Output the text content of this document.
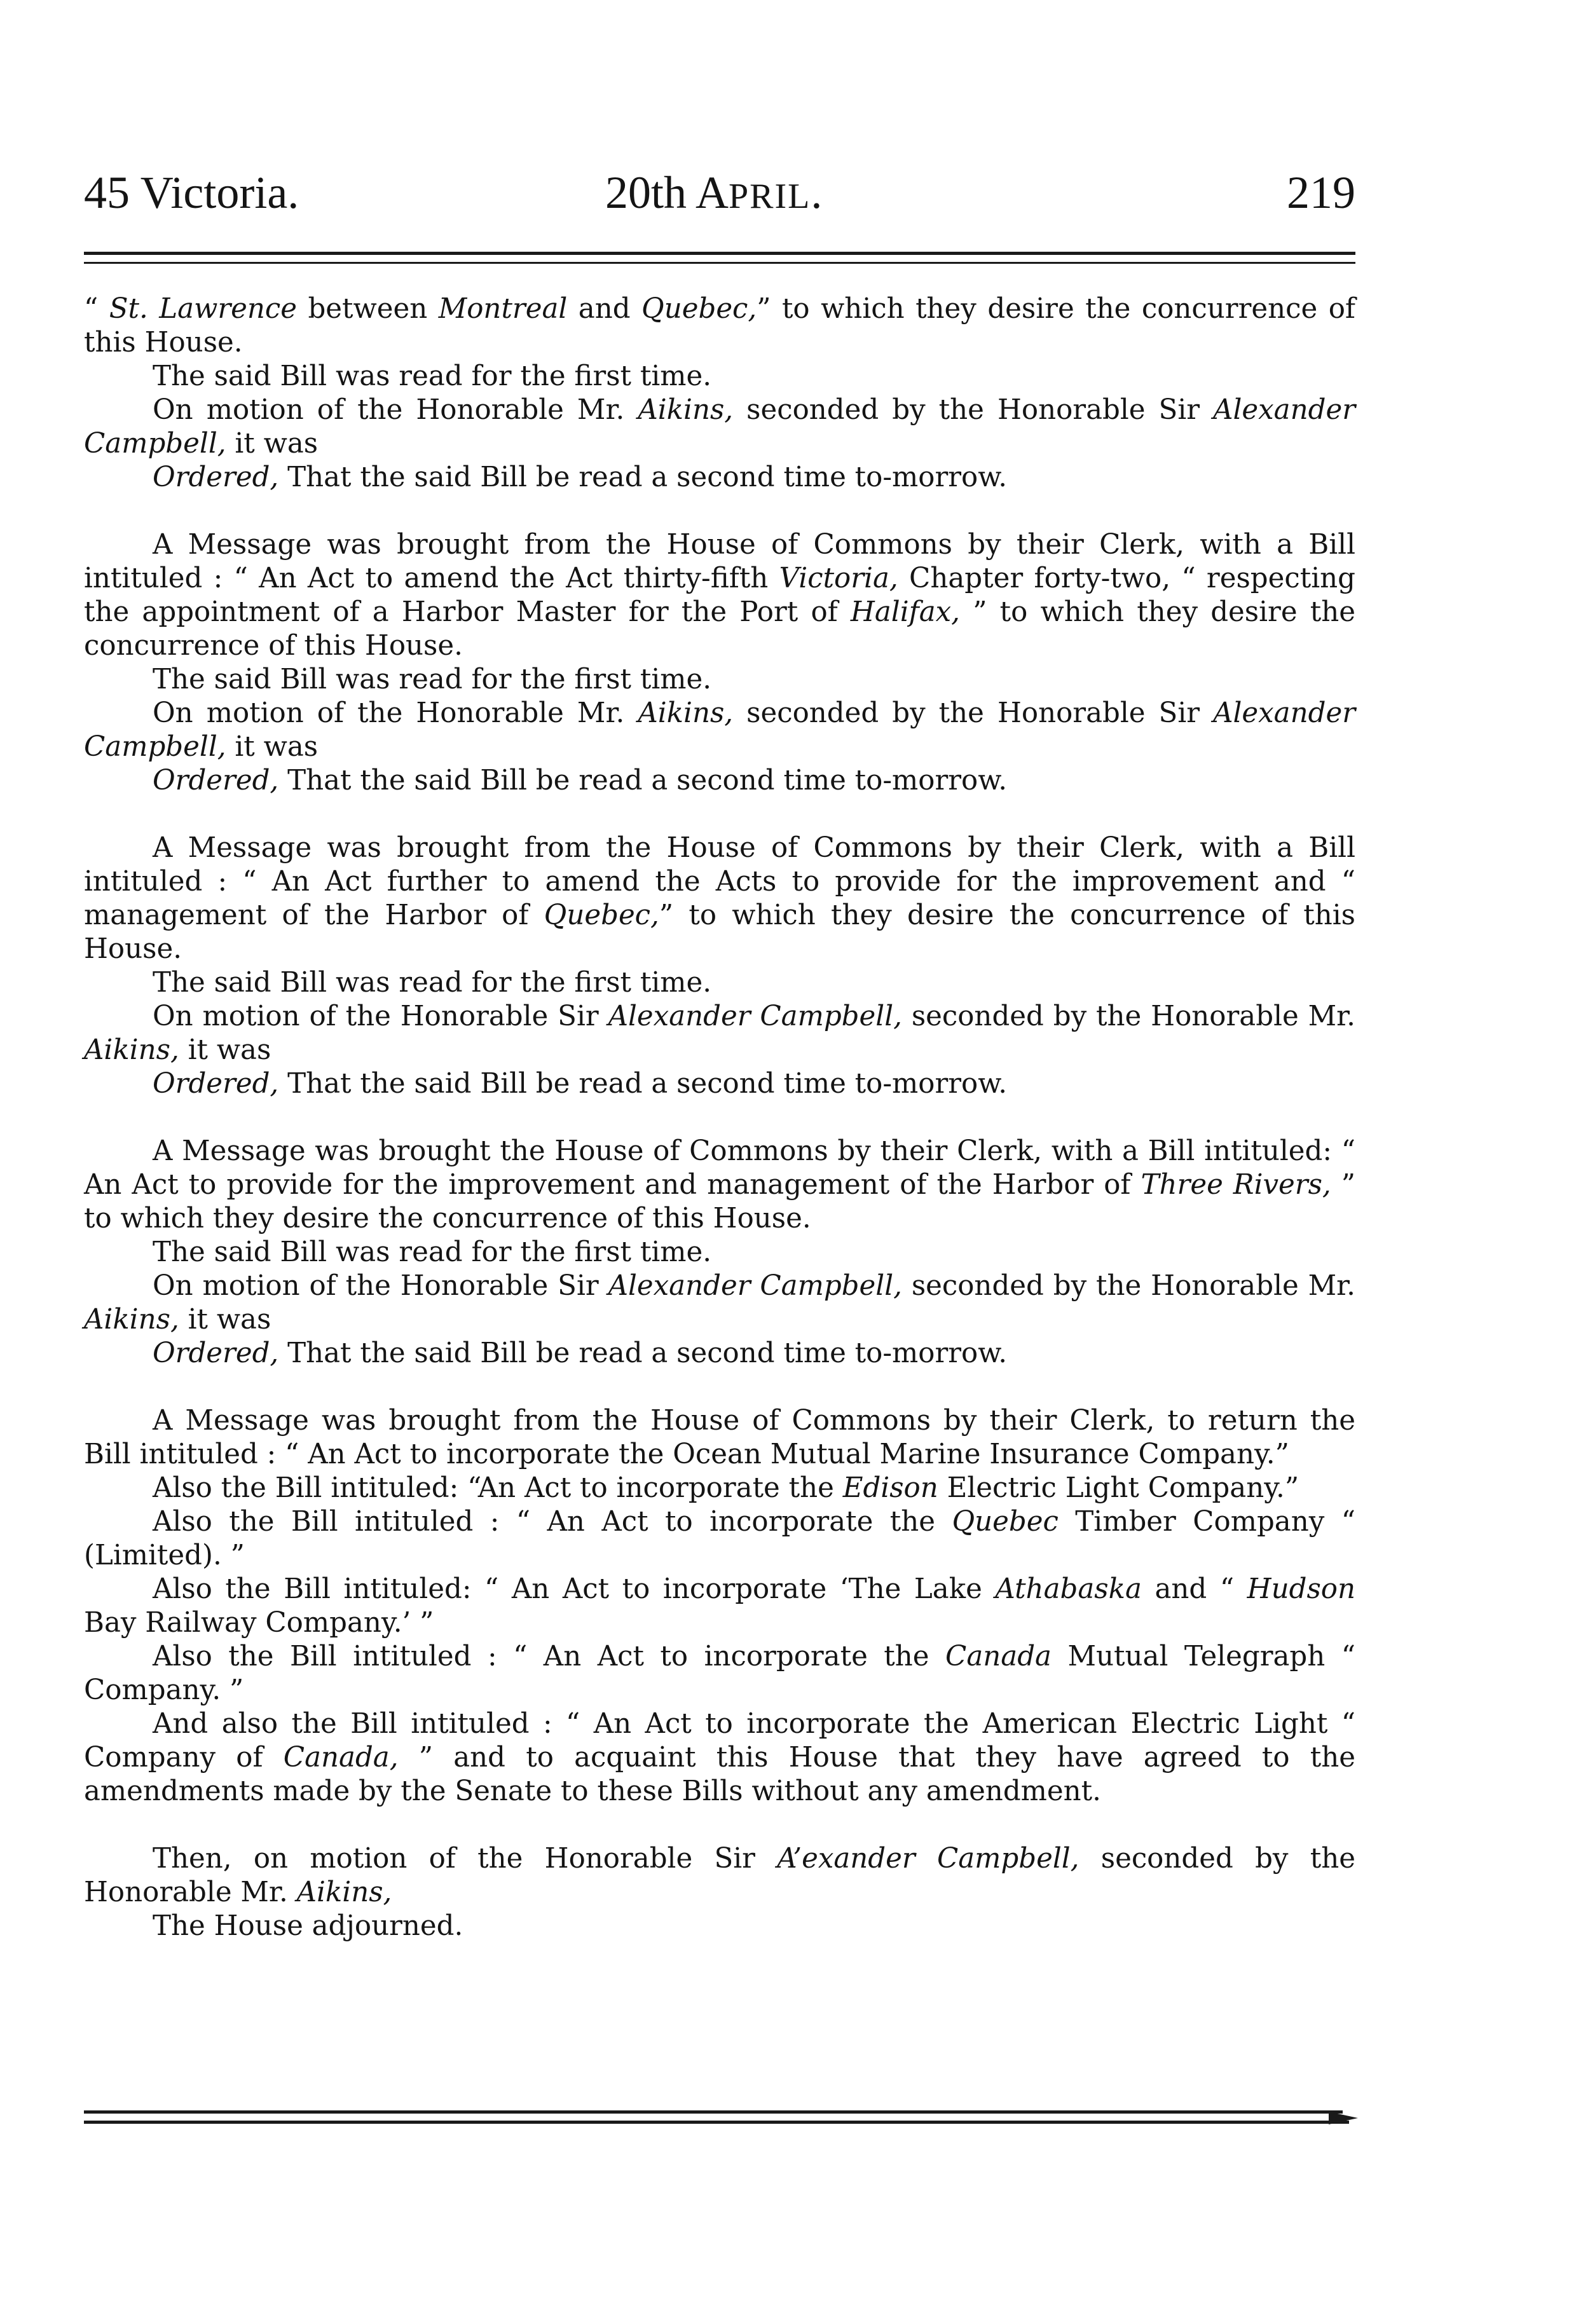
45 Victoria.	20th APRIL.	219

“ St. Lawrence between Montreal and Quebec,” to which they desire the concurrence of this House.

The said Bill was read for the first time.

On motion of the Honorable Mr. Aikins, seconded by the Honorable Sir Alexander Campbell, it was

Ordered, That the said Bill be read a second time to-morrow.

A Message was brought from the House of Commons by their Clerk, with a Bill intituled : “ An Act to amend the Act thirty-fifth Victoria, Chapter forty-two, “ respecting the appointment of a Harbor Master for the Port of Halifax, ” to which they desire the concurrence of this House.

The said Bill was read for the first time.

On motion of the Honorable Mr. Aikins, seconded by the Honorable Sir Alexander Campbell, it was

Ordered, That the said Bill be read a second time to-morrow.

A Message was brought from the House of Commons by their Clerk, with a Bill intituled : “ An Act further to amend the Acts to provide for the improvement and “ management of the Harbor of Quebec,” to which they desire the concurrence of this House.

The said Bill was read for the first time.

On motion of the Honorable Sir Alexander Campbell, seconded by the Honorable Mr. Aikins, it was

Ordered, That the said Bill be read a second time to-morrow.

A Message was brought the House of Commons by their Clerk, with a Bill intituled: “ An Act to provide for the improvement and management of the Harbor of Three Rivers, ” to which they desire the concurrence of this House.

The said Bill was read for the first time.

On motion of the Honorable Sir Alexander Campbell, seconded by the Honorable Mr. Aikins, it was

Ordered, That the said Bill be read a second time to-morrow.

A Message was brought from the House of Commons by their Clerk, to return the Bill intituled : “ An Act to incorporate the Ocean Mutual Marine Insurance Company.”

Also the Bill intituled: “An Act to incorporate the Edison Electric Light Company.”

Also the Bill intituled : “ An Act to incorporate the Quebec Timber Company “ (Limited). ”

Also the Bill intituled: “ An Act to incorporate ‘The Lake Athabaska and “ Hudson Bay Railway Company.’ ”

Also the Bill intituled : “ An Act to incorporate the Canada Mutual Telegraph “ Company. ”

And also the Bill intituled : “ An Act to incorporate the American Electric Light “ Company of Canada, ” and to acquaint this House that they have agreed to the amendments made by the Senate to these Bills without any amendment.

Then, on motion of the Honorable Sir A’exander Campbell, seconded by the Honorable Mr. Aikins,

The House adjourned.
